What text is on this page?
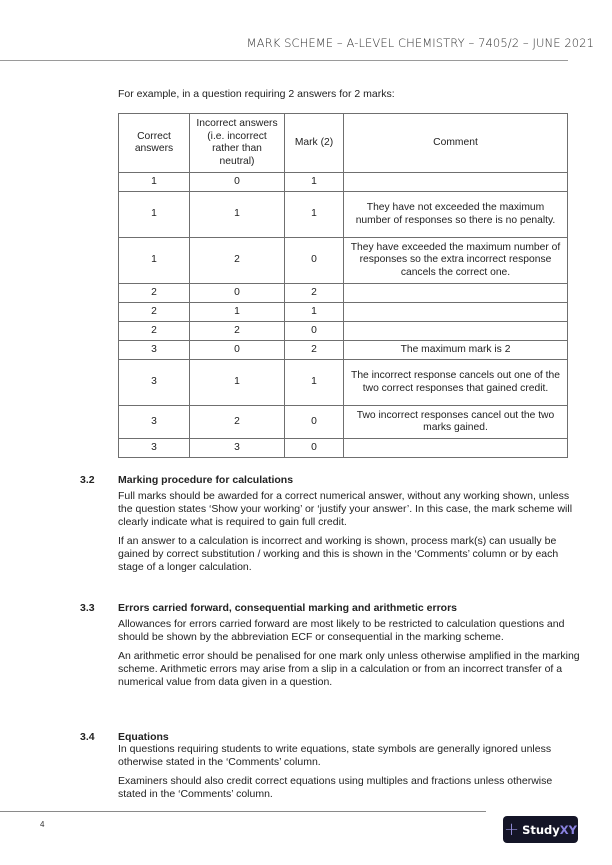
MARK SCHEME – A-LEVEL CHEMISTRY – 7405/2 – JUNE 2021
For example, in a question requiring 2 answers for 2 marks:
Correct answers	Incorrect answers (i.e. incorrect rather than neutral)	Mark (2)	Comment
1	0	1	
1	1	1	They have not exceeded the maximum number of responses so there is no penalty.
1	2	0	They have exceeded the maximum number of responses so the extra incorrect response cancels the correct one.
2	0	2	
2	1	1	
2	2	0	
3	0	2	The maximum mark is 2
3	1	1	The incorrect response cancels out one of the two correct responses that gained credit.
3	2	0	Two incorrect responses cancel out the two marks gained.
3	3	0	
3.2 Marking procedure for calculations
Full marks should be awarded for a correct numerical answer, without any working shown, unless the question states ‘Show your working’ or ‘justify your answer’. In this case, the mark scheme will clearly indicate what is required to gain full credit.
If an answer to a calculation is incorrect and working is shown, process mark(s) can usually be gained by correct substitution / working and this is shown in the ‘Comments’ column or by each stage of a longer calculation.
3.3 Errors carried forward, consequential marking and arithmetic errors
Allowances for errors carried forward are most likely to be restricted to calculation questions and should be shown by the abbreviation ECF or consequential in the marking scheme.
An arithmetic error should be penalised for one mark only unless otherwise amplified in the marking scheme. Arithmetic errors may arise from a slip in a calculation or from an incorrect transfer of a numerical value from data given in a question.
3.4 Equations
In questions requiring students to write equations, state symbols are generally ignored unless otherwise stated in the ‘Comments’ column.
Examiners should also credit correct equations using multiples and fractions unless otherwise stated in the ‘Comments’ column.
4	+ StudyXY
